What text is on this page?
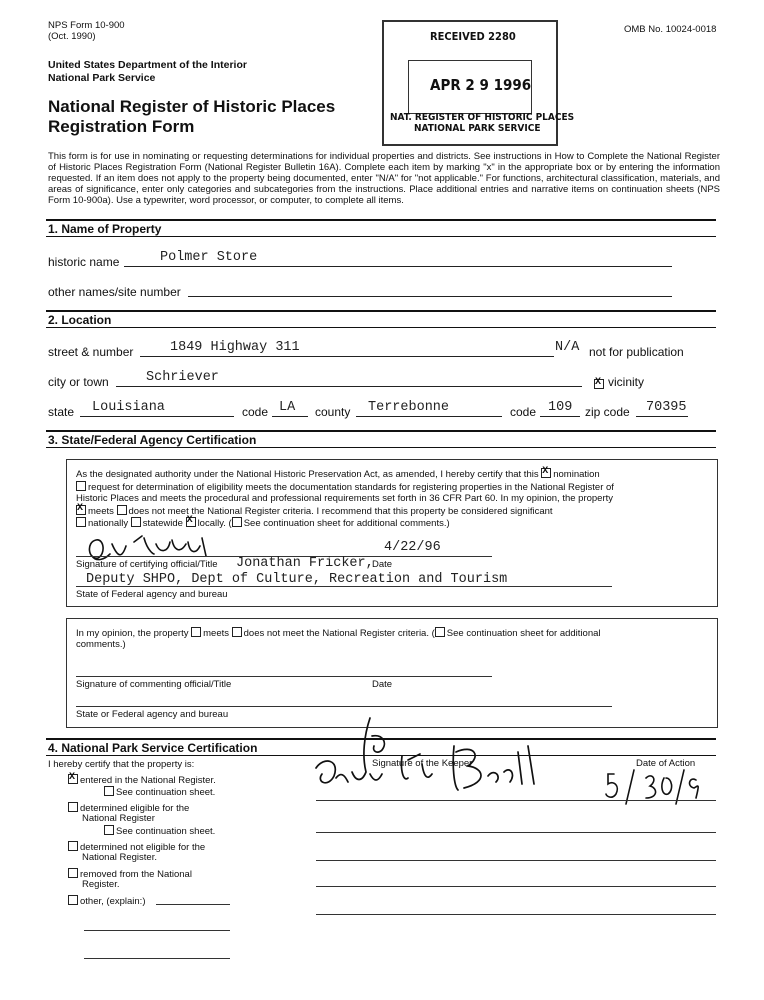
NPS Form 10-900
(Oct. 1990)
OMB No. 10024-0018
United States Department of the Interior
National Park Service
National Register of Historic Places
Registration Form
RECEIVED 2280
APR 2 9 1996
NAT. REGISTER OF HISTORIC PLACES
NATIONAL PARK SERVICE
This form is for use in nominating or requesting determinations for individual properties and districts. See instructions in How to Complete the National Register of Historic Places Registration Form (National Register Bulletin 16A). Complete each item by marking "x" in the appropriate box or by entering the information requested. If an item does not apply to the property being documented, enter "N/A" for "not applicable." For functions, architectural classification, materials, and areas of significance, enter only categories and subcategories from the instructions. Place additional entries and narrative items on continuation sheets (NPS Form 10-900a). Use a typewriter, word processor, or computer, to complete all items.
1. Name of Property
historic name	Polmer Store
other names/site number
2. Location
street & number	1849 Highway 311	N/A not for publication
city or town	Schriever X	vicinity
state Louisiana	code LA county Terrebonne	code 109 zip code 70395
3. State/Federal Agency Certification
As the designated authority under the National Historic Preservation Act, as amended, I hereby certify that this X nomination
request for determination of eligibility meets the documentation standards for registering properties in the National Register of
Historic Places and meets the procedural and professional requirements set forth in 36 CFR Part 60. In my opinion, the property
Xmeets does not meet the National Register criteria. I recommend that this property be considered significant
nationally statewide X locally. ( See continuation sheet for additional comments.)
4/22/96
Signature of certifying official/Title Jonathan Fricker,
Date
Deputy SHPO, Dept of Culture, Recreation and Tourism
State of Federal agency and bureau
In my opinion, the property meets does not meet the National Register criteria. ( See continuation sheet for additional
comments.)
Signature of commenting official/Title	Date
State or Federal agency and bureau
4. National Park Service Certification
I hereby certify that the property is:
Xentered in the National Register.
See continuation sheet.
determined eligible for the
National Register
See continuation sheet.
determined not eligible for the
National Register.
removed from the National
Register.
other, (explain:)
Signature of the Keeper	Date of Action
